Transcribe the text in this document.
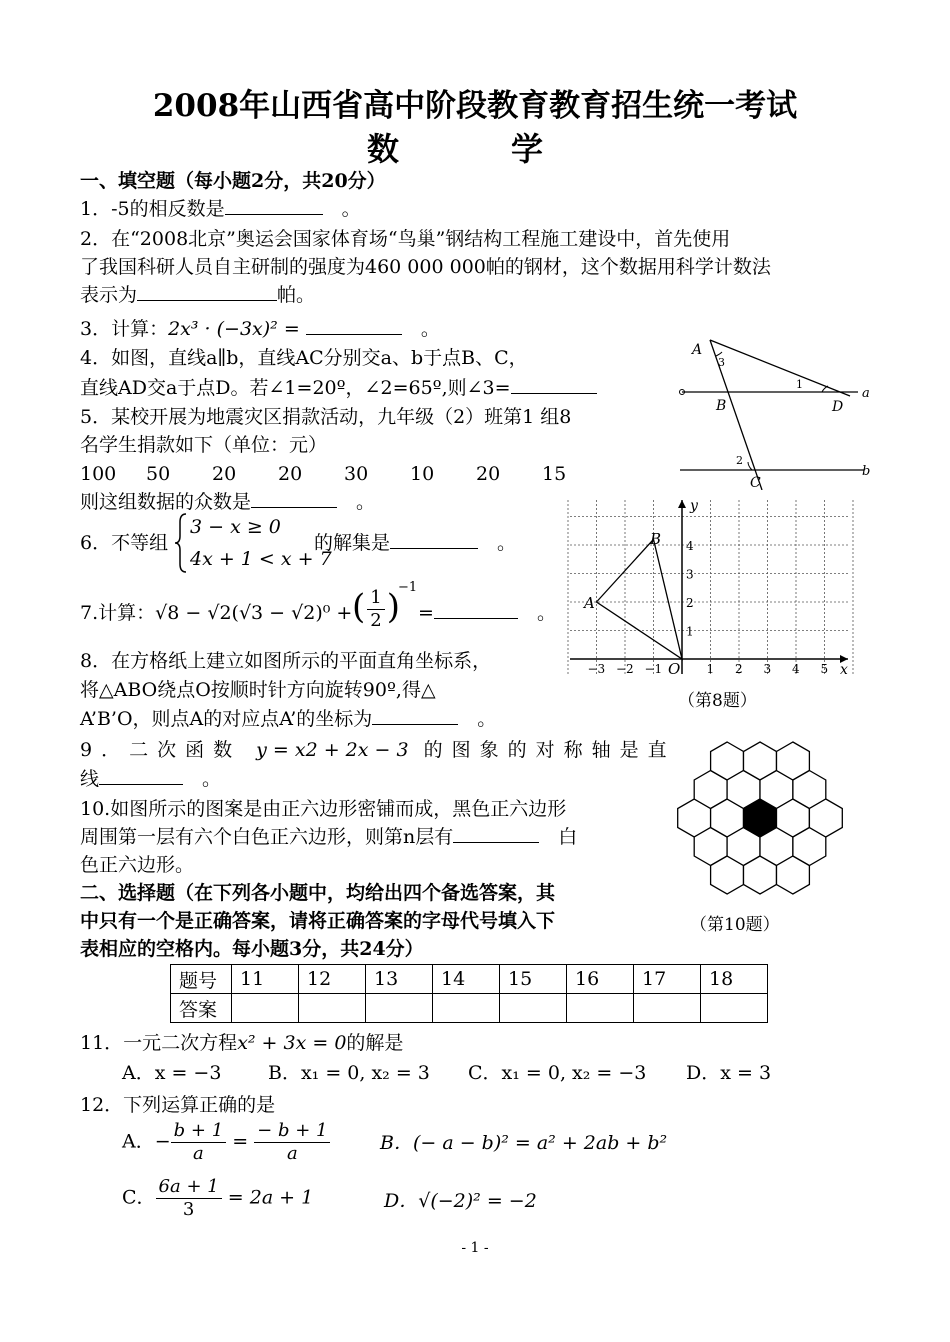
2008年山西省高中阶段教育教育招生统一考试
数　学
一、填空题（每小题2分，共20分）
1．-5的相反数是　	。
2．在“2008北京”奥运会国家体育场“鸟巢”钢结构工程施工建设中，首先使用
了我国科研人员自主研制的强度为460 000 000帕的钢材，这个数据用科学计数法
表示为	帕。
3．计算：2x³ · (−3x)² = 　	。
4．如图，直线a∥b，直线AC分别交a、b于点B、C，
直线AD交a于点D。若∠1=20º，∠2=65º,则∠3=
5．某校开展为地震灾区捐款活动，九年级（2）班第1 组8
名学生捐款如下（单位：元）
100 50 20 20 30 10 20 15
则这组数据的众数是　	。
6．不等组
3 − x ≥ 0
4x + 1 < x + 7
的解集是　	。
7.计算：√8 − √2(√3 − √2)⁰ + ( $\frac{1}{2}$ )
−1
=　	。
8．在方格纸上建立如图所示的平面直角坐标系，
将△ABO绕点O按顺时针方向旋转90º,得△
A’B’O，则点A的对应点A’的坐标为　	。
9．二次函数 y = x2 + 2x − 3 的图象的对称轴是直
线　	。
10.如图所示的图案是由正六边形密铺而成，黑色正六边形
周围第一层有六个白色正六边形，则第n层有　	白
色正六边形。
二、选择题（在下列各小题中，均给出四个备选答案，其
中只有一个是正确答案，请将正确答案的字母代号填入下
表相应的空格内。每小题3分，共24分）
题号	11	12	13	14	15	16	17	18
答案								
11．一元二次方程x² + 3x = 0的解是
A．x = −3 B．x₁ = 0, x₂ = 3 C．x₁ = 0, x₂ = −3 D．x = 3
12．下列运算正确的是
A．− $\frac{b + 1}{a} = \frac{- b + 1}{a}$	B．(− a − b)² = a² + 2ab + b²
C． $\frac{6a + 1}{3} = 2a + 1$	D．√(−2)² = −2
A
3
B
1
D
a
2
C
b
y
B
A
O	x
−3 −2 −1	1 2 3 4 5
1
2
3
4
（第8题）
（第10题）
- 1 -
